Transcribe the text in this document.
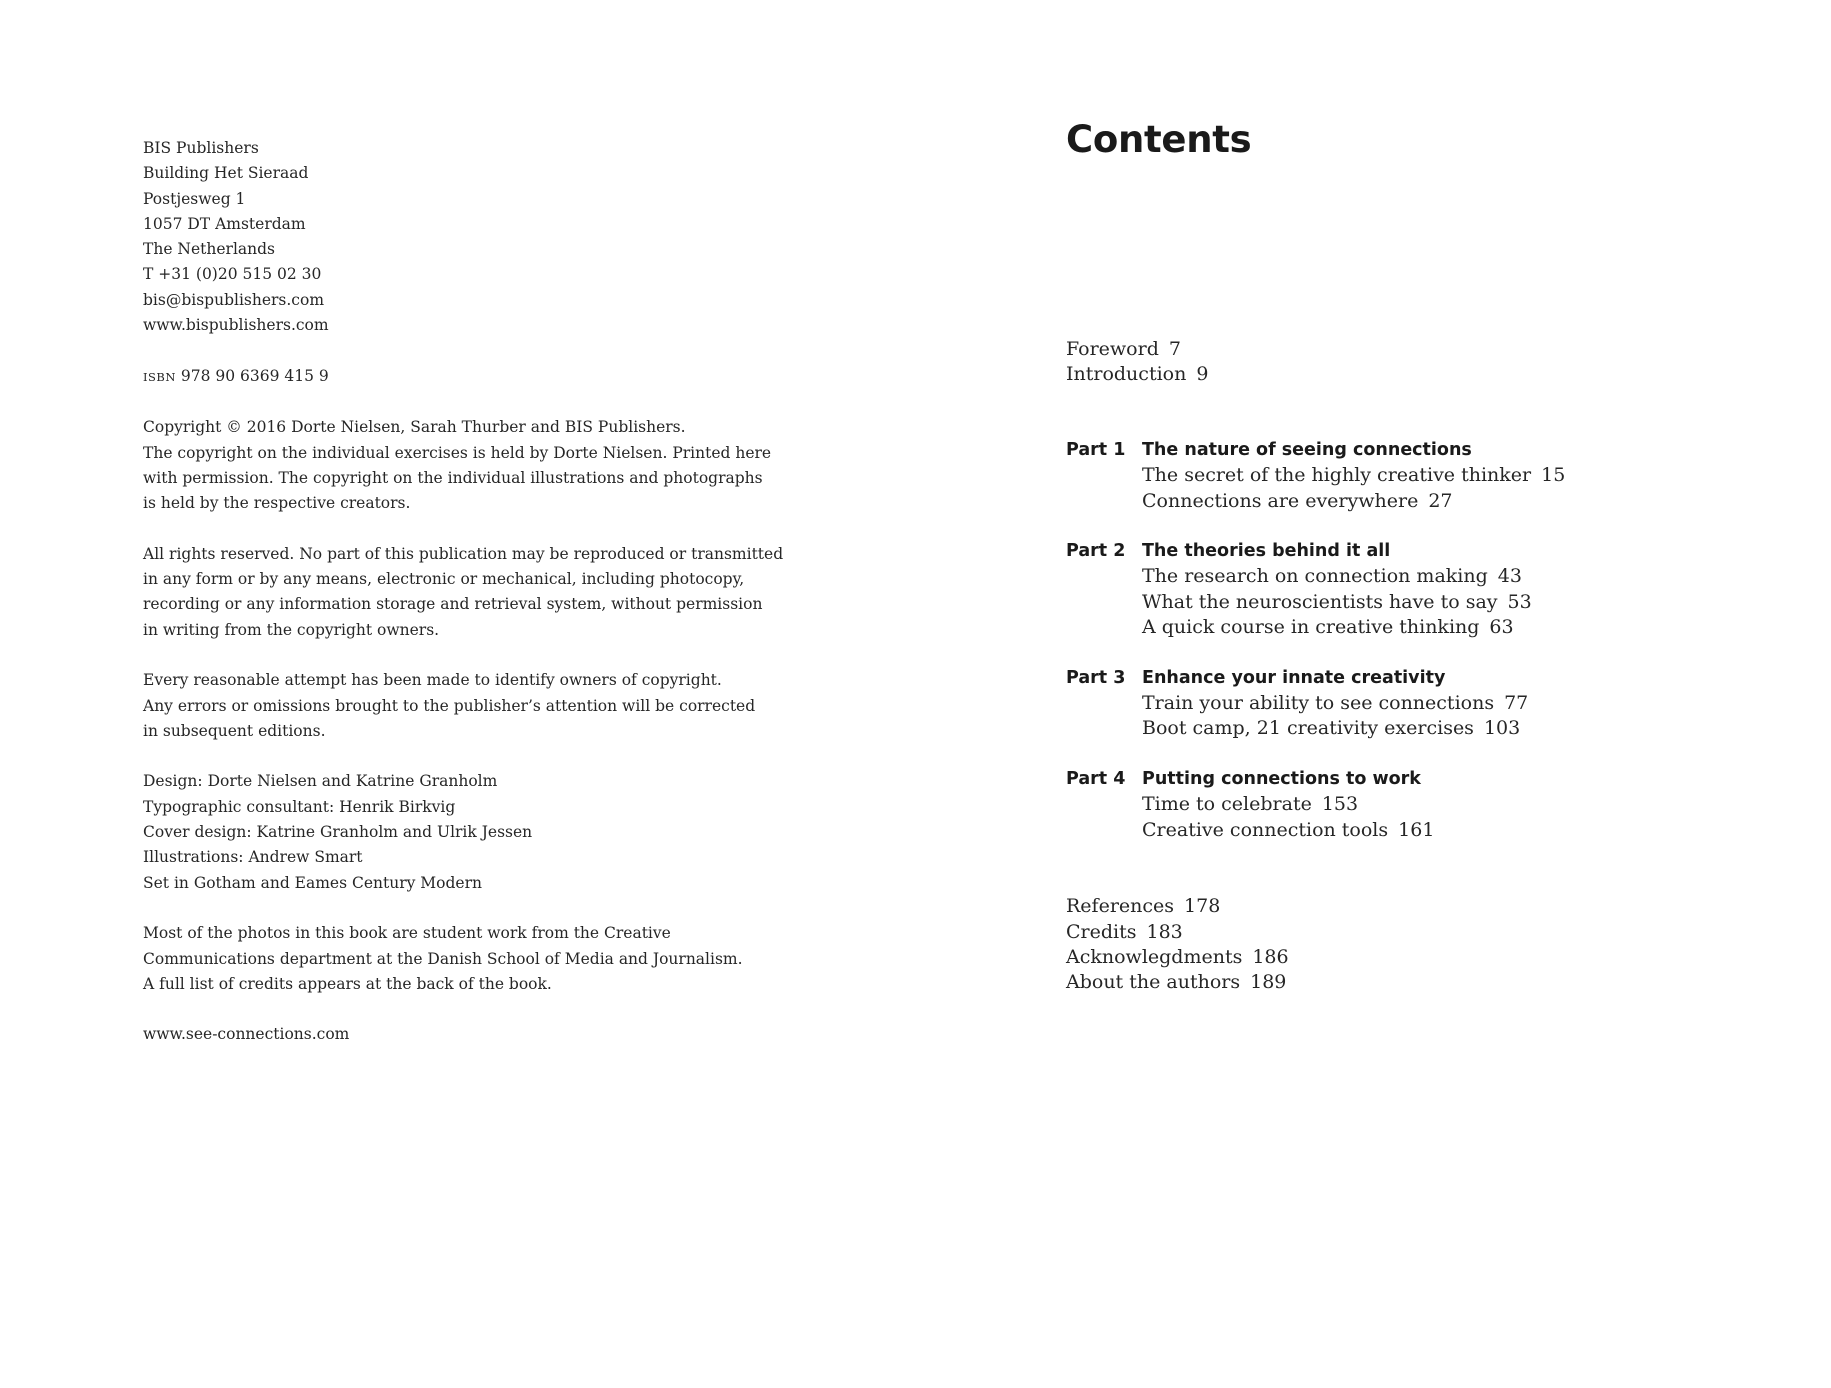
BIS Publishers
Building Het Sieraad
Postjesweg 1
1057 DT Amsterdam
The Netherlands
T +31 (0)20 515 02 30
bis@bispublishers.com
www.bispublishers.com
ISBN 978 90 6369 415 9
Copyright © 2016 Dorte Nielsen, Sarah Thurber and BIS Publishers.
The copyright on the individual exercises is held by Dorte Nielsen. Printed here
with permission. The copyright on the individual illustrations and photographs
is held by the respective creators.
All rights reserved. No part of this publication may be reproduced or transmitted
in any form or by any means, electronic or mechanical, including photocopy,
recording or any information storage and retrieval system, without permission
in writing from the copyright owners.
Every reasonable attempt has been made to identify owners of copyright.
Any errors or omissions brought to the publisher’s attention will be corrected
in subsequent editions.
Design: Dorte Nielsen and Katrine Granholm
Typographic consultant: Henrik Birkvig
Cover design: Katrine Granholm and Ulrik Jessen
Illustrations: Andrew Smart
Set in Gotham and Eames Century Modern
Most of the photos in this book are student work from the Creative
Communications department at the Danish School of Media and Journalism.
A full list of credits appears at the back of the book.
www.see-connections.com
Contents
Foreword 7
Introduction 9
Part 1 The nature of seeing connections
The secret of the highly creative thinker 15
Connections are everywhere 27
Part 2 The theories behind it all
The research on connection making 43
What the neuroscientists have to say 53
A quick course in creative thinking 63
Part 3 Enhance your innate creativity
Train your ability to see connections 77
Boot camp, 21 creativity exercises 103
Part 4 Putting connections to work
Time to celebrate 153
Creative connection tools 161
References 178
Credits 183
Acknowlegdments 186
About the authors 189
